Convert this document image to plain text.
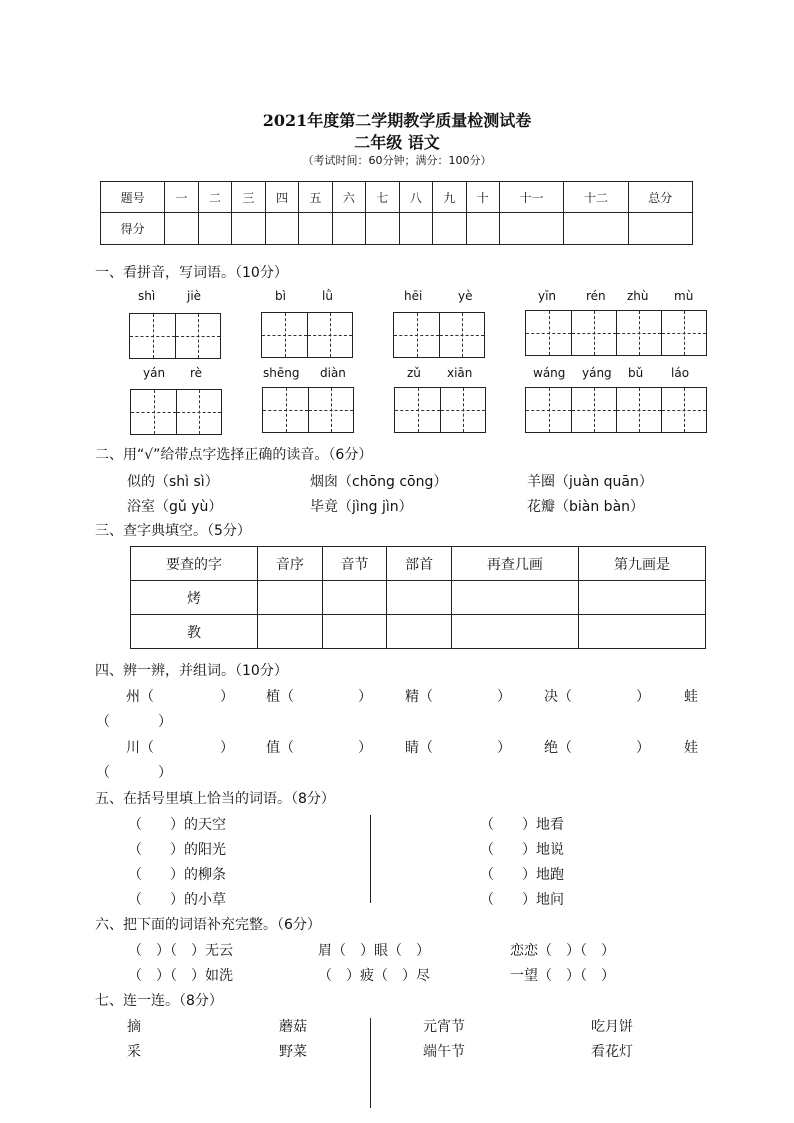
2021年度第二学期教学质量检测试卷
二年级 语文
（考试时间：60分钟；满分：100分）
题号	一	二	三	四	五	六	七	八	九	十	十一	十二	总分
得分													
一、看拼音，写词语。（10分）
shì	jiè	bì	lǜ	hēi	yè	yīn rén zhù mù
yán rè	shēng diàn	zǔ xiān	wáng yáng bǔ láo
二、用“√”给带点字选择正确的读音。（6分）
似的（shì sì）	烟囱（chōng cōng）	羊圈（juàn quān）
浴室（gǔ yù）	毕竟（jìng jìn）	花瓣（biàn bàn）
三、查字典填空。（5分）
要查的字	音序	音节	部首	再查几画	第九画是
烤					
教					
四、辨一辨，并组词。（10分）
州（	） 植（	） 精（	） 决（	） 蛙
（	）
川（	） 值（	） 睛（	） 绝（	） 娃
（	）
五、在括号里填上恰当的词语。（8分）
（　　）的天空
（　　）的阳光
（　　）的柳条
（　　）的小草
（　　）地看
（　　）地说
（　　）地跑
（　　）地问
六、把下面的词语补充完整。（6分）
（　）（　）无云	眉（　）眼（　）	恋恋（　）（　）
（　）（　）如洗	（　）疲（　）尽	一望（　）（　）
七、连一连。（8分）
摘
采
蘑菇
野菜
元宵节
端午节
吃月饼
看花灯
